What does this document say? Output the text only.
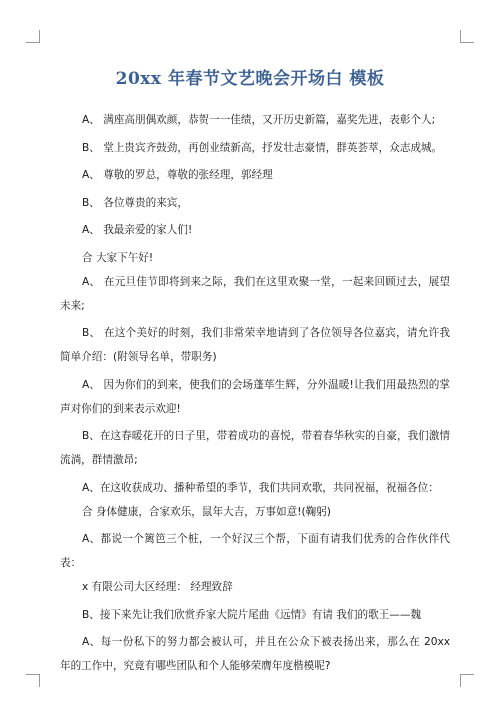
20xx 年春节文艺晚会开场白 模板

A、 满座高朋偶欢颜，恭贺一一佳绩，又开历史新篇，嘉奖先进，表彰个人;

B、 堂上贵宾齐鼓劲，再创业绩新高，抒发壮志豪情，群英荟萃，众志成城。

A、 尊敬的罗总，尊敬的张经理，郭经理

B、 各位尊贵的来宾，

A、 我最亲爱的家人们!

合 大家下午好!

A、 在元旦佳节即将到来之际，我们在这里欢聚一堂，一起来回顾过去，展望未来;

B、 在这个美好的时刻，我们非常荣幸地请到了各位领导各位嘉宾，请允许我简单介绍：(附领导名单，带职务)

A、 因为你们的到来，使我们的会场蓬荜生辉，分外温暖!让我们用最热烈的掌声对你们的到来表示欢迎!

B、在这春暖花开的日子里，带着成功的喜悦，带着春华秋实的自豪，我们激情流淌，群情激昂;

A、在这收获成功、播种希望的季节，我们共同欢歌，共同祝福，祝福各位：

合 身体健康，合家欢乐，鼠年大吉，万事如意!(鞠躬)

A、都说一个篱笆三个桩，一个好汉三个帮，下面有请我们优秀的合作伙伴代表：

x 有限公司大区经理： 经理致辞

B、接下来先让我们欣赏乔家大院片尾曲《远情》有请 我们的歌王——魏

A、每一份私下的努力都会被认可，并且在公众下被表扬出来，那么在 20xx 年的工作中，究竟有哪些团队和个人能够荣膺年度楷模呢?
